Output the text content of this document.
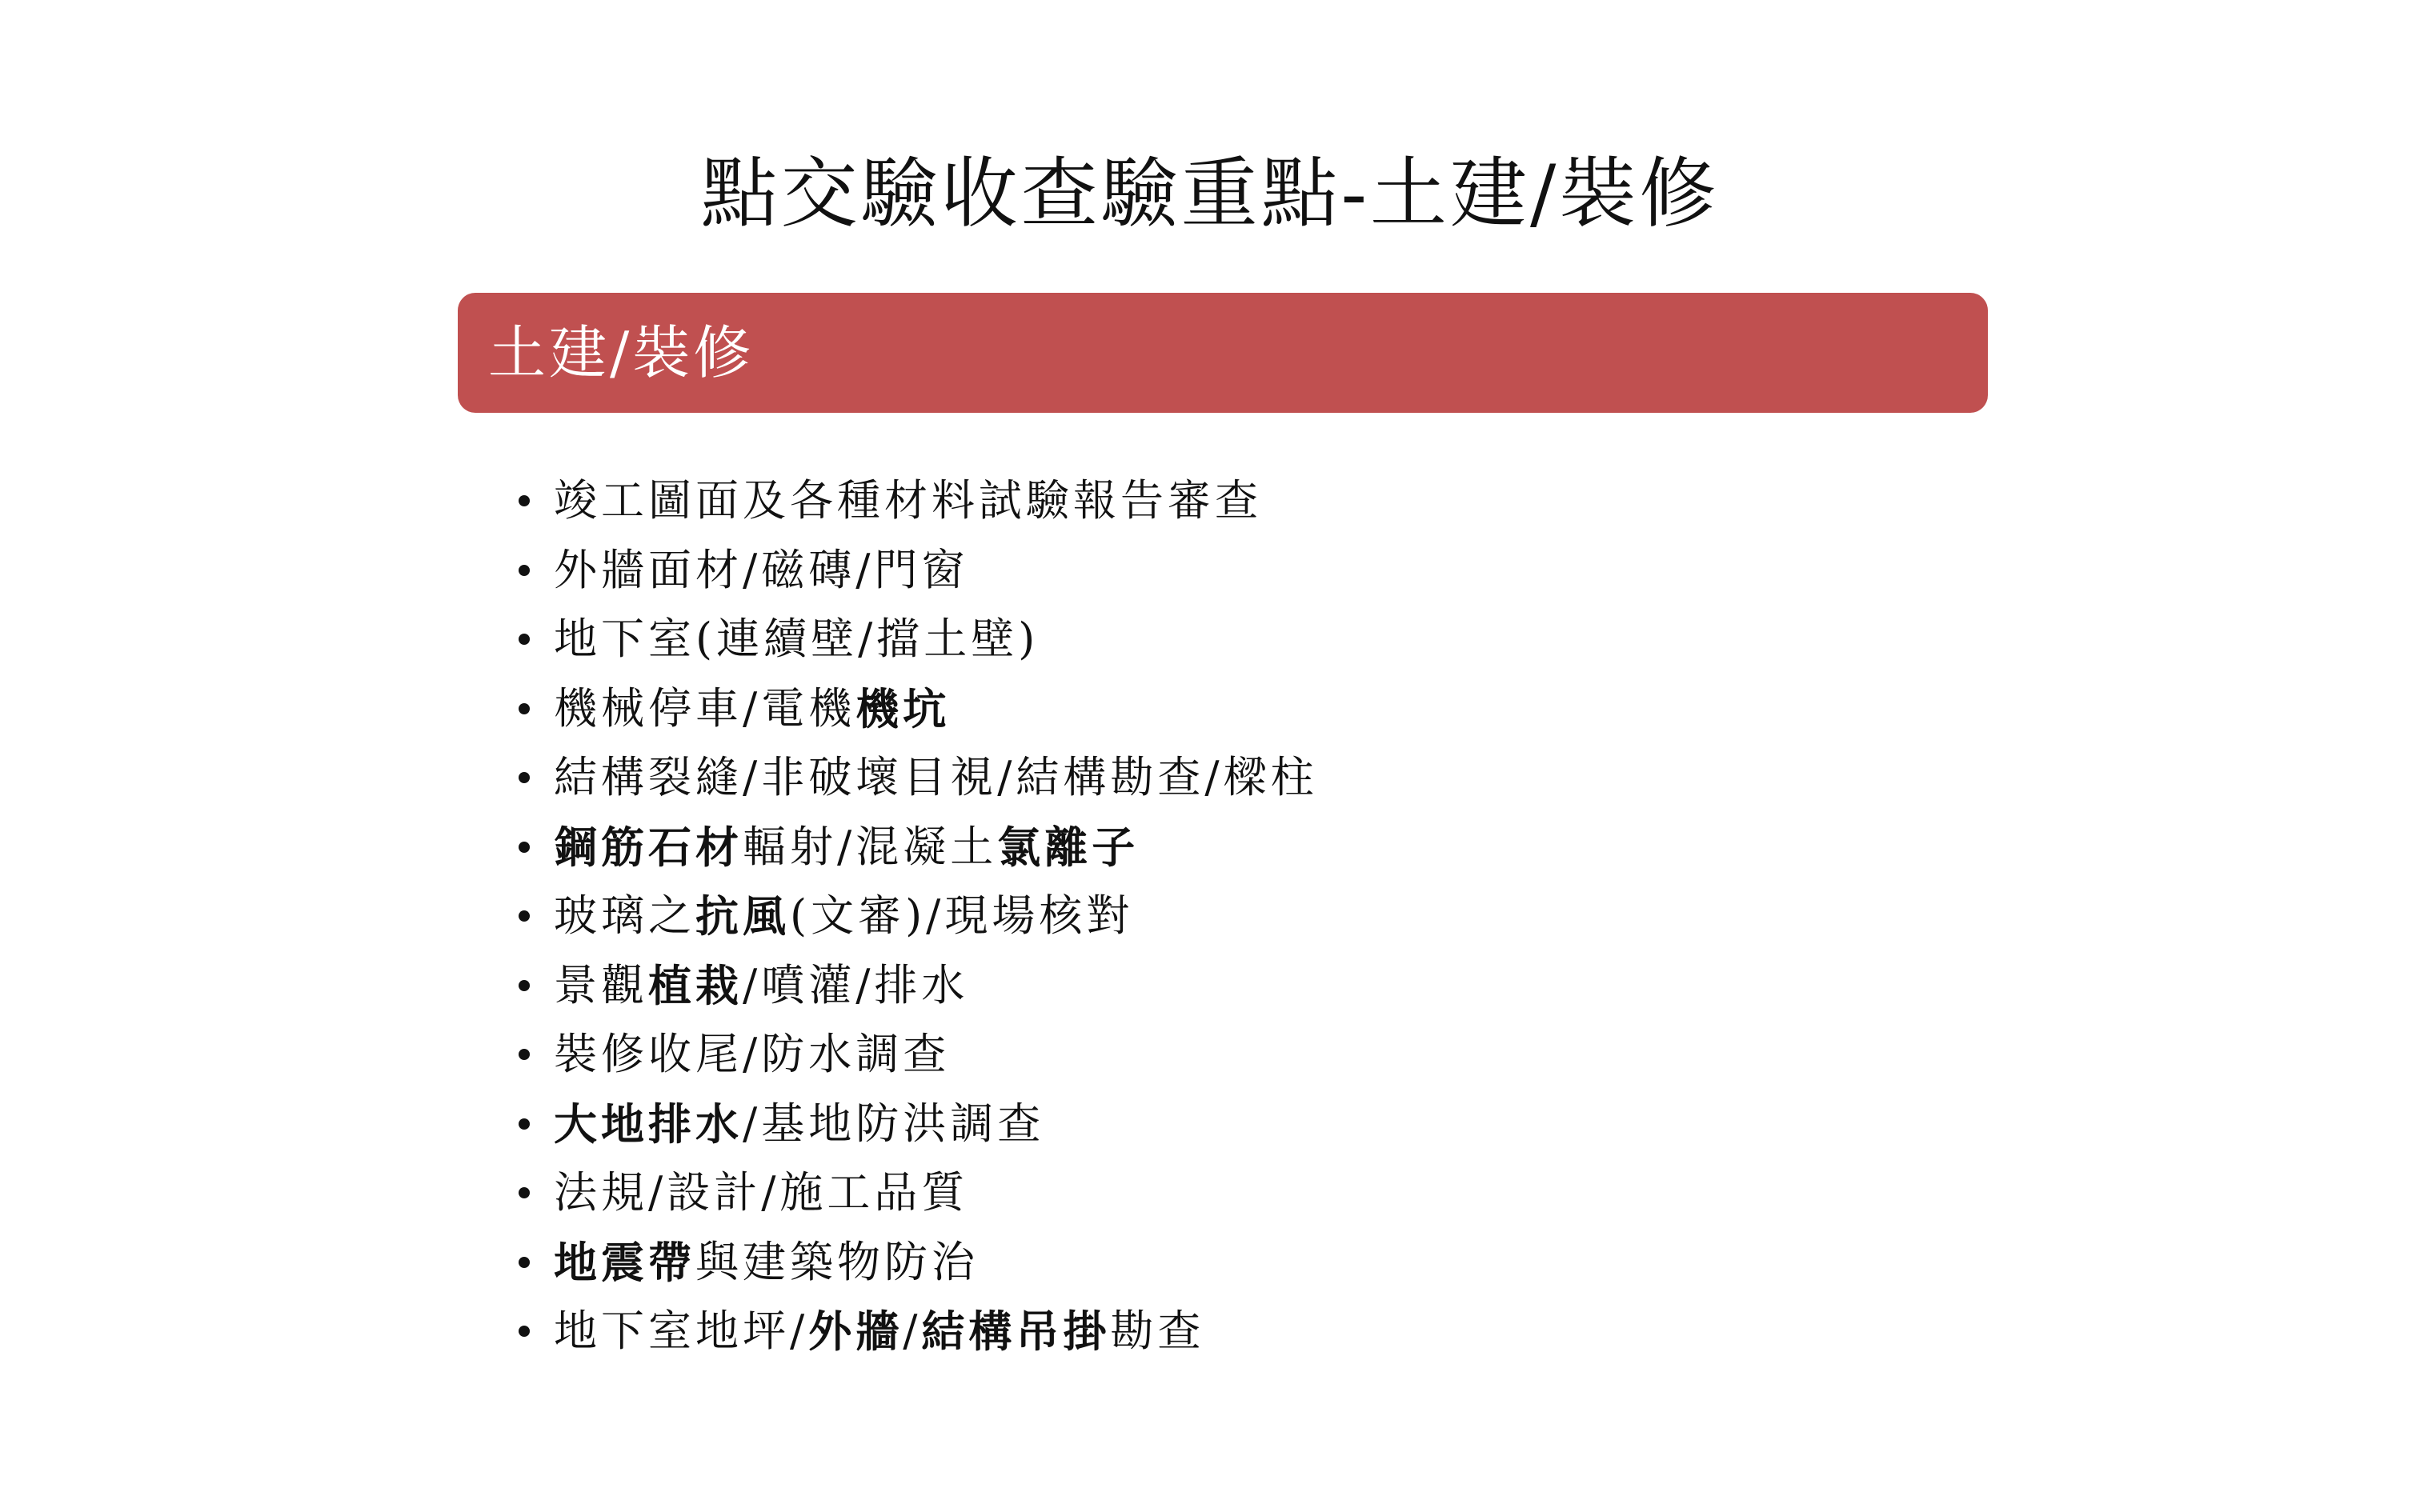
點交驗收查驗重點-土建/裝修
土建/裝修
竣工圖面及各種材料試驗報告審查
外牆面材/磁磚/門窗
地下室(連續壁/擋土壁)
機械停車/電機 機坑
結構裂縫/非破壞目視/結構勘查/樑柱
鋼筋石材 輻射/混凝土 氯離子
玻璃之 抗風 (文審)/現場核對
景觀 植栽 /噴灌/排水
裝修收尾/防水調查
大地排水 /基地防洪調查
法規/設計/施工品質
地震帶 與建築物防治
地下室地坪/ 外牆 / 結構吊掛 勘查
